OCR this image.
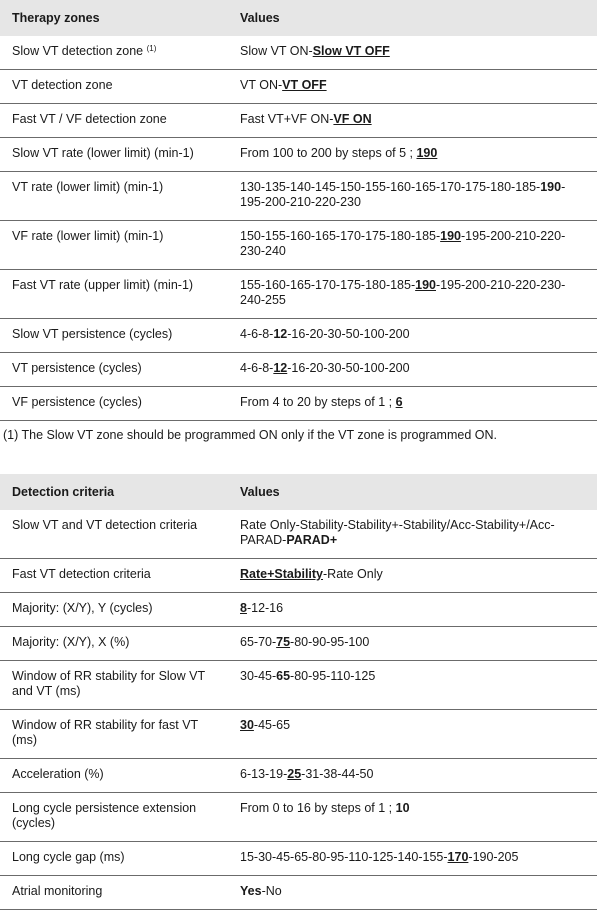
Therapy zones	Values
Slow VT detection zone $^{(1)}$	Slow VT ON-Slow VT OFF
VT detection zone	VT ON-VT OFF
Fast VT / VF detection zone	Fast VT+VF ON-VF ON
Slow VT rate (lower limit) (min-1)	From 100 to 200 by steps of 5 ; 190
VT rate (lower limit) (min-1)	130-135-140-145-150-155-160-165-170-175-180-185-190-195-200-210-220-230
VF rate (lower limit) (min-1)	150-155-160-165-170-175-180-185-190-195-200-210-220-230-240
Fast VT rate (upper limit) (min-1)	155-160-165-170-175-180-185-190-195-200-210-220-230-240-255
Slow VT persistence (cycles)	4-6-8-12-16-20-30-50-100-200
VT persistence (cycles)	4-6-8-12-16-20-30-50-100-200
VF persistence (cycles)	From 4 to 20 by steps of 1 ; 6
(1) The Slow VT zone should be programmed ON only if the VT zone is programmed ON.
Detection criteria	Values
Slow VT and VT detection criteria	Rate Only-Stability-Stability+-Stability/Acc-Stability+/Acc-PARAD-PARAD+
Fast VT detection criteria	Rate+Stability-Rate Only
Majority: (X/Y), Y (cycles)	8-12-16
Majority: (X/Y), X (%)	65-70-75-80-90-95-100
Window of RR stability for Slow VT and VT (ms)	30-45-65-80-95-110-125
Window of RR stability for fast VT (ms)	30-45-65
Acceleration (%)	6-13-19-25-31-38-44-50
Long cycle persistence extension (cycles)	From 0 to 16 by steps of 1 ; 10
Long cycle gap (ms)	15-30-45-65-80-95-110-125-140-155-170-190-205
Atrial monitoring	Yes-No
